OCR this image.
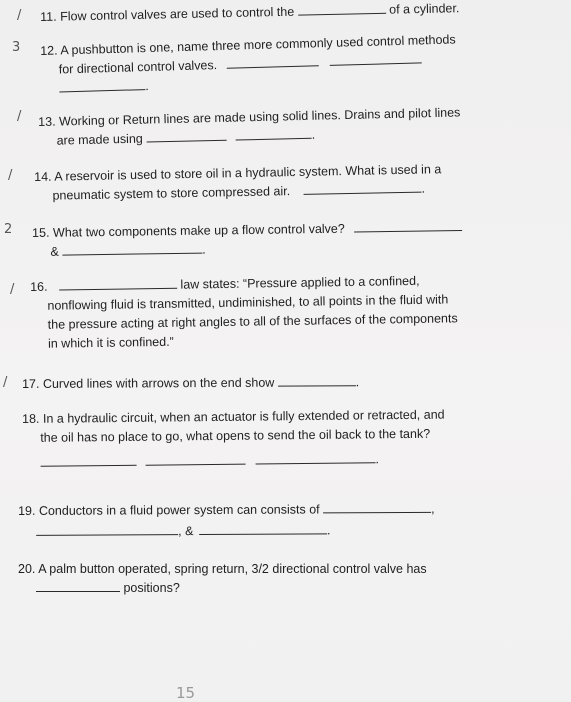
/
3
/
/
2
/
/
11. Flow control valves are used to control the	of a cylinder.
12. A pushbutton is one, name three more commonly used control methods
for directional control valves.
.
13. Working or Return lines are made using solid lines. Drains and pilot lines
are made using	.
14. A reservoir is used to store oil in a hydraulic system. What is used in a
pneumatic system to store compressed air.	.
15. What two components make up a flow control valve?
&	.
16.	law states: “Pressure applied to a confined,
nonflowing fluid is transmitted, undiminished, to all points in the fluid with
the pressure acting at right angles to all of the surfaces of the components
in which it is confined.”
17. Curved lines with arrows on the end show	.
18. In a hydraulic circuit, when an actuator is fully extended or retracted, and
the oil has no place to go, what opens to send the oil back to the tank?
.
19. Conductors in a fluid power system can consists of	,
, &	.
20. A palm button operated, spring return, 3/2 directional control valve has
positions?
15
